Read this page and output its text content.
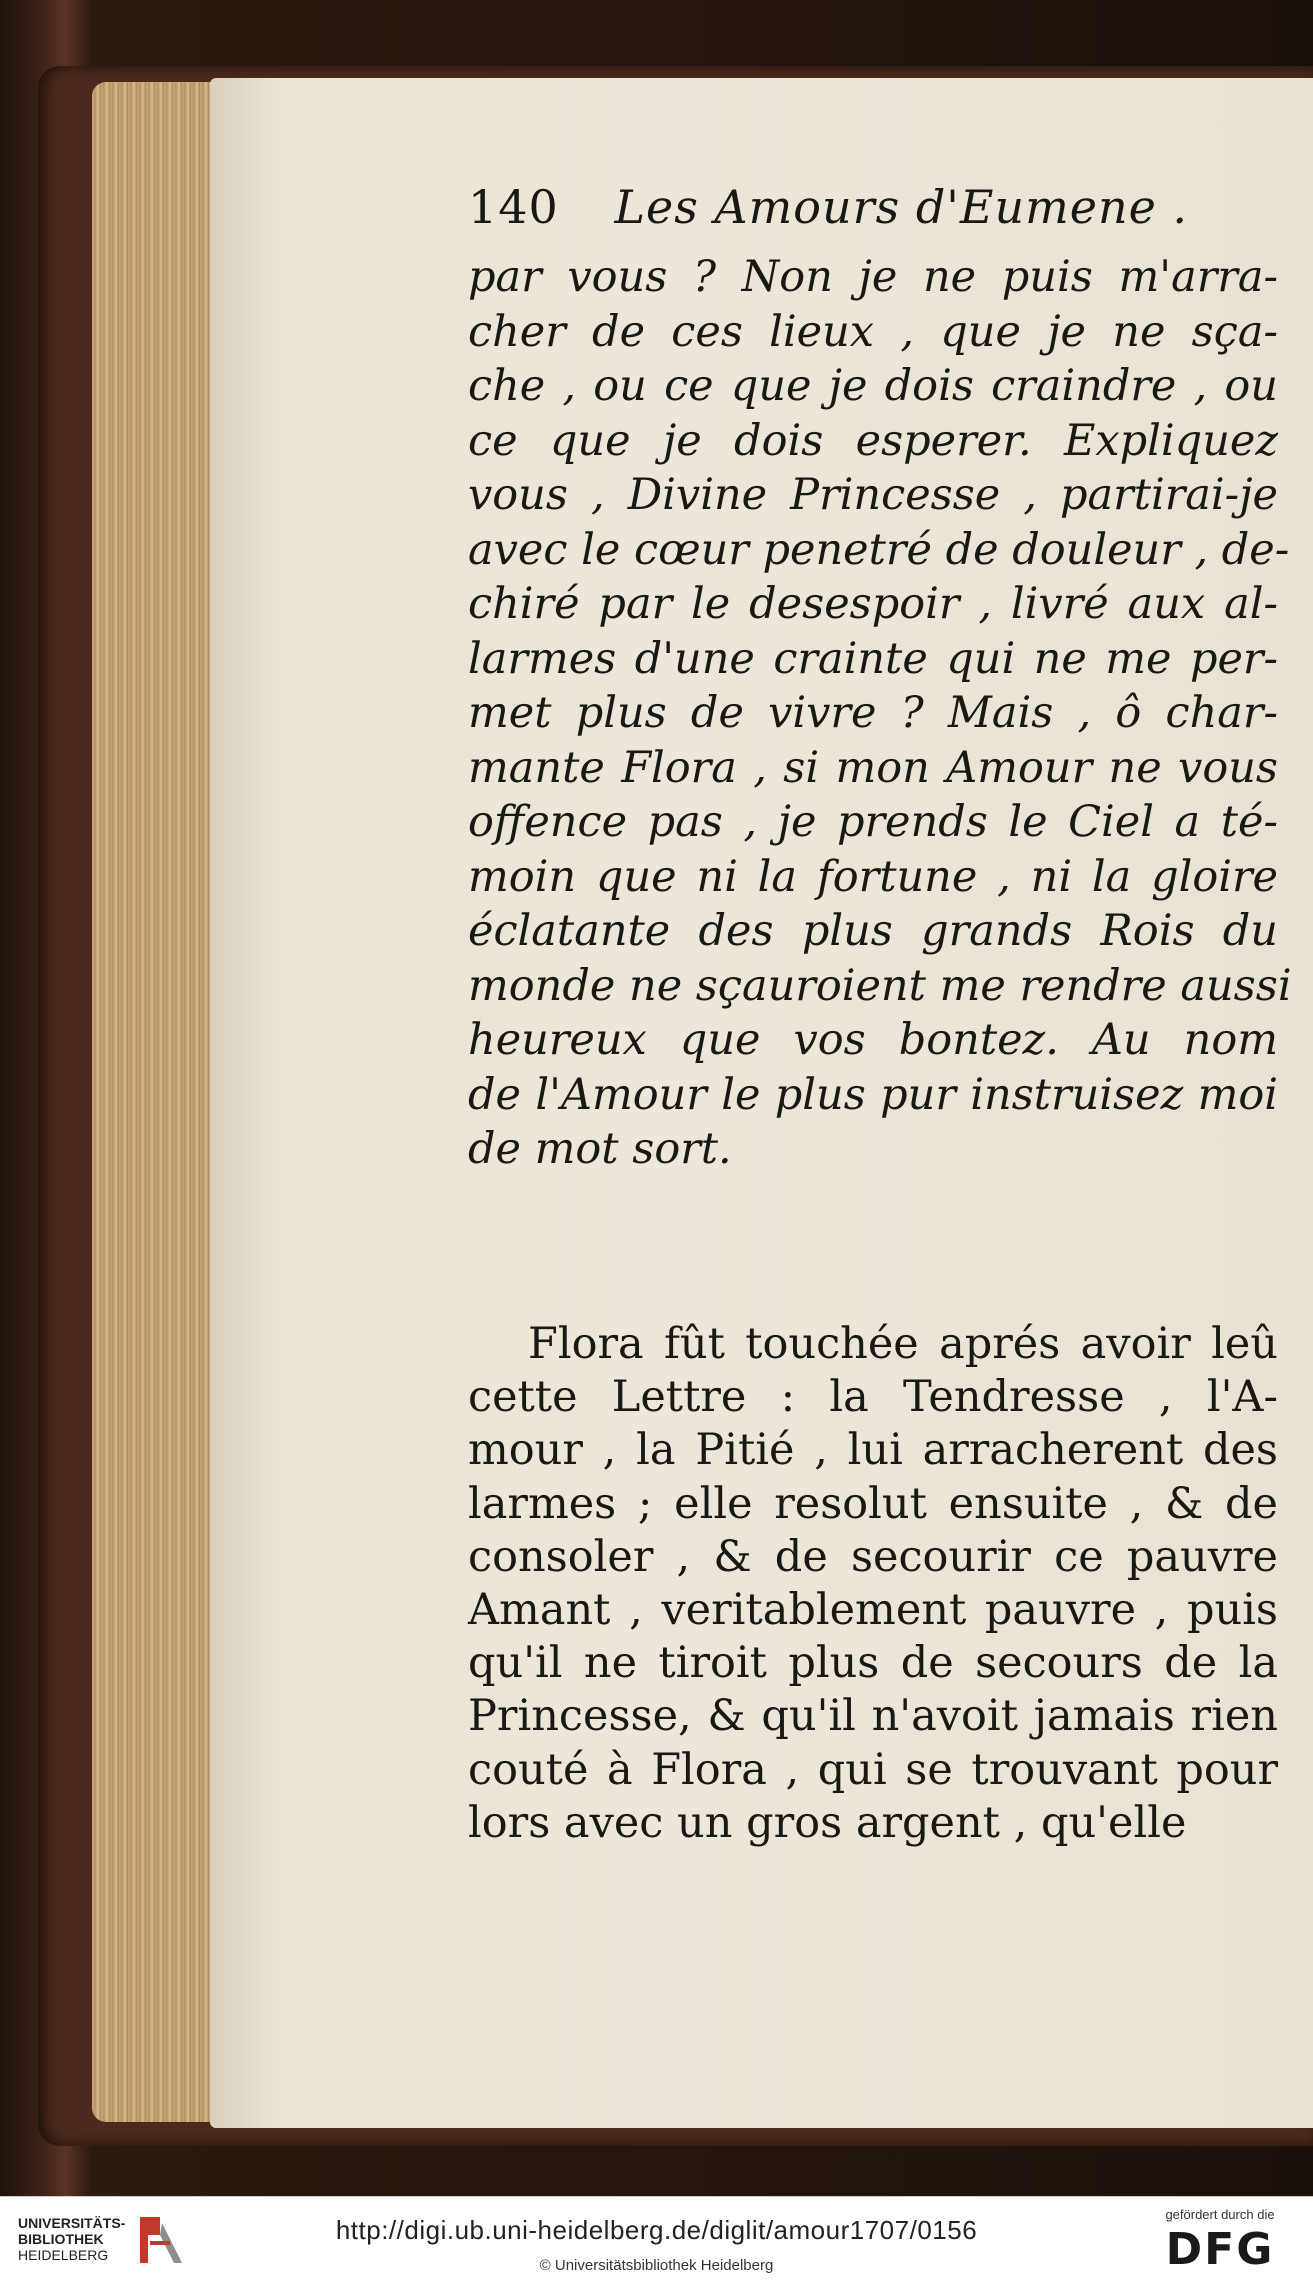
140 Les Amours d'Eumene .
par vous ? Non je ne puis m'arra-
cher de ces lieux , que je ne sça-
che , ou ce que je dois craindre , ou
ce que je dois esperer. Expliquez
vous , Divine Princesse , partirai-je
avec le cœur penetré de douleur , de-
chiré par le desespoir , livré aux al-
larmes d'une crainte qui ne me per-
met plus de vivre ? Mais , ô char-
mante Flora , si mon Amour ne vous
offence pas , je prends le Ciel a té-
moin que ni la fortune , ni la gloire
éclatante des plus grands Rois du
monde ne sçauroient me rendre aussi
heureux que vos bontez. Au nom
de l'Amour le plus pur instruisez moi
de mot sort.
Flora fût touchée aprés avoir leû
cette Lettre : la Tendresse , l'A-
mour , la Pitié , lui arracherent des
larmes ; elle resolut ensuite , & de
consoler , & de secourir ce pauvre
Amant , veritablement pauvre , puis
qu'il ne tiroit plus de secours de la
Princesse, & qu'il n'avoit jamais rien
couté à Flora , qui se trouvant pour
lors avec un gros argent , qu'elle
UNIVERSITÄTS-
BIBLIOTHEK
HEIDELBERG
http://digi.ub.uni-heidelberg.de/diglit/amour1707/0156
© Universitätsbibliothek Heidelberg
gefördert durch die
DFG
